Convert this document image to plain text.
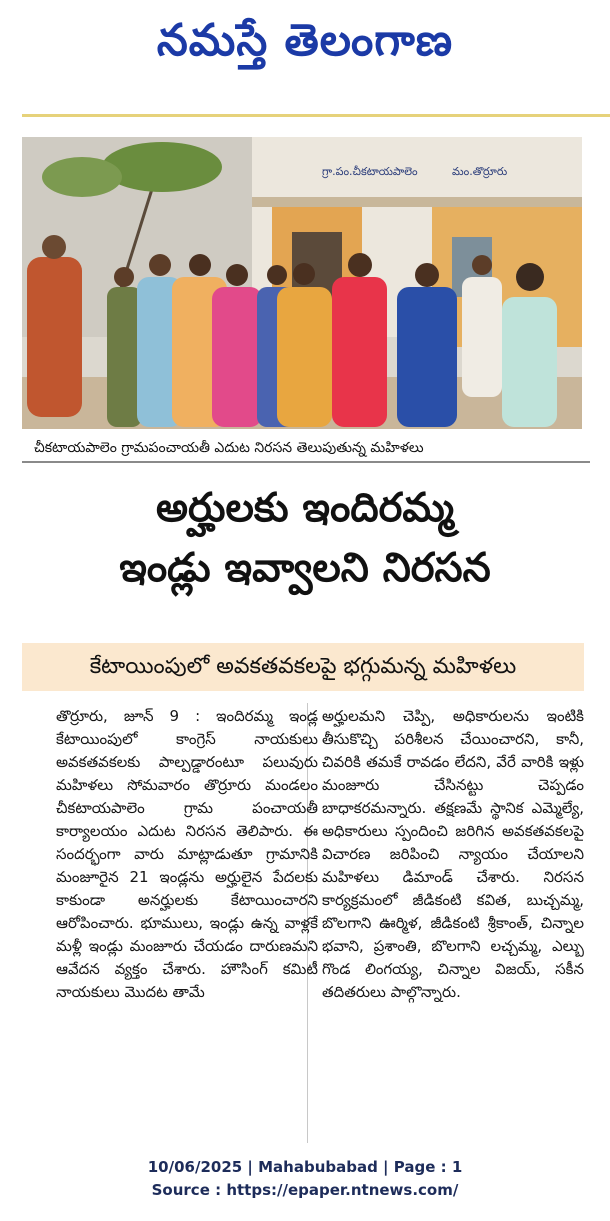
నమస్తే తెలంగాణ
గ్రా.పం.చీకటాయపాలెం	మం.తొర్రూరు
చీకటాయపాలెం గ్రామపంచాయతీ ఎదుట నిరసన తెలుపుతున్న మహిళలు
అర్హులకు ఇందిరమ్మ
ఇండ్లు ఇవ్వాలని నిరసన
కేటాయింపులో అవకతవకలపై భగ్గుమన్న మహిళలు

తొర్రూరు, జూన్ 9 : ఇందిరమ్మ ఇండ్ల కేటాయింపులో కాంగ్రెస్ నాయకులు అవకతవకలకు పాల్పడ్డారంటూ పలువురు మహిళలు సోమవారం తొర్రూరు మండలం చీకటాయపాలెం గ్రామ పంచాయతీ కార్యాలయం ఎదుట నిరసన తెలిపారు. ఈ సందర్భంగా వారు మాట్లాడుతూ గ్రామానికి మంజూరైన 21 ఇండ్లను అర్హులైన పేదలకు కాకుండా అనర్హులకు కేటాయించారని ఆరోపించారు. భూములు, ఇండ్లు ఉన్న వాళ్లకే మళ్లీ ఇండ్లు మంజూరు చేయడం దారుణమని ఆవేదన వ్యక్తం చేశారు. హౌసింగ్ కమిటీ నాయకులు మొదట తామే

అర్హులమని చెప్పి, అధికారులను ఇంటికి తీసుకొచ్చి పరిశీలన చేయించారని, కానీ, చివరికి తమకే రావడం లేదని, వేరే వారికి ఇళ్లు మంజూరు చేసినట్టు చెప్పడం బాధాకరమన్నారు. తక్షణమే స్థానిక ఎమ్మెల్యే, అధికారులు స్పందించి జరిగిన అవకతవకలపై విచారణ జరిపించి న్యాయం చేయాలని మహిళలు డిమాండ్ చేశారు. నిరసన కార్యక్రమంలో జీడికంటి కవిత, బుచ్చమ్మ, బొలగాని ఊర్మిళ, జీడికంటి శ్రీకాంత్, చిన్నాల భవాని, ప్రశాంతి, బొలగాని లచ్చమ్మ, ఎల్బు గొండ లింగయ్య, చిన్నాల విజయ్, సకీన తదితరులు పాల్గొన్నారు.

10/06/2025 | Mahabubabad | Page : 1
Source : https://epaper.ntnews.com/
